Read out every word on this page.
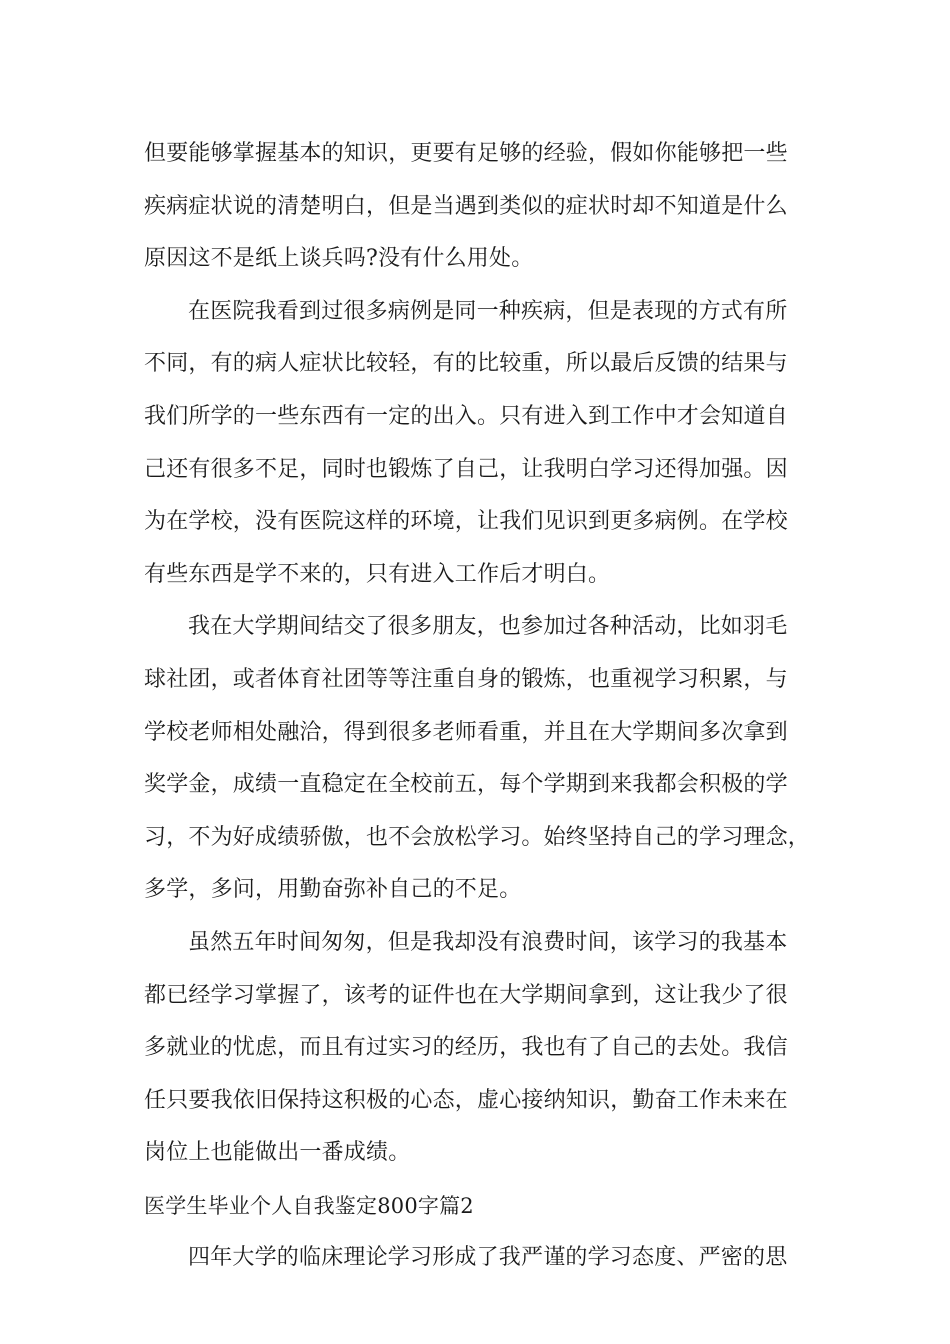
但要能够掌握基本的知识，更要有足够的经验，假如你能够把一些
疾病症状说的清楚明白，但是当遇到类似的症状时却不知道是什么
原因这不是纸上谈兵吗?没有什么用处。
在医院我看到过很多病例是同一种疾病，但是表现的方式有所
不同，有的病人症状比较轻，有的比较重，所以最后反馈的结果与
我们所学的一些东西有一定的出入。只有进入到工作中才会知道自
己还有很多不足，同时也锻炼了自己，让我明白学习还得加强。因
为在学校，没有医院这样的环境，让我们见识到更多病例。在学校
有些东西是学不来的，只有进入工作后才明白。
我在大学期间结交了很多朋友，也参加过各种活动，比如羽毛
球社团，或者体育社团等等注重自身的锻炼，也重视学习积累，与
学校老师相处融洽，得到很多老师看重，并且在大学期间多次拿到
奖学金，成绩一直稳定在全校前五，每个学期到来我都会积极的学
习，不为好成绩骄傲，也不会放松学习。始终坚持自己的学习理念，
多学，多问，用勤奋弥补自己的不足。
虽然五年时间匆匆，但是我却没有浪费时间，该学习的我基本
都已经学习掌握了，该考的证件也在大学期间拿到，这让我少了很
多就业的忧虑，而且有过实习的经历，我也有了自己的去处。我信
任只要我依旧保持这积极的心态，虚心接纳知识，勤奋工作未来在
岗位上也能做出一番成绩。
医学生毕业个人自我鉴定800字篇2
四年大学的临床理论学习形成了我严谨的学习态度、严密的思
